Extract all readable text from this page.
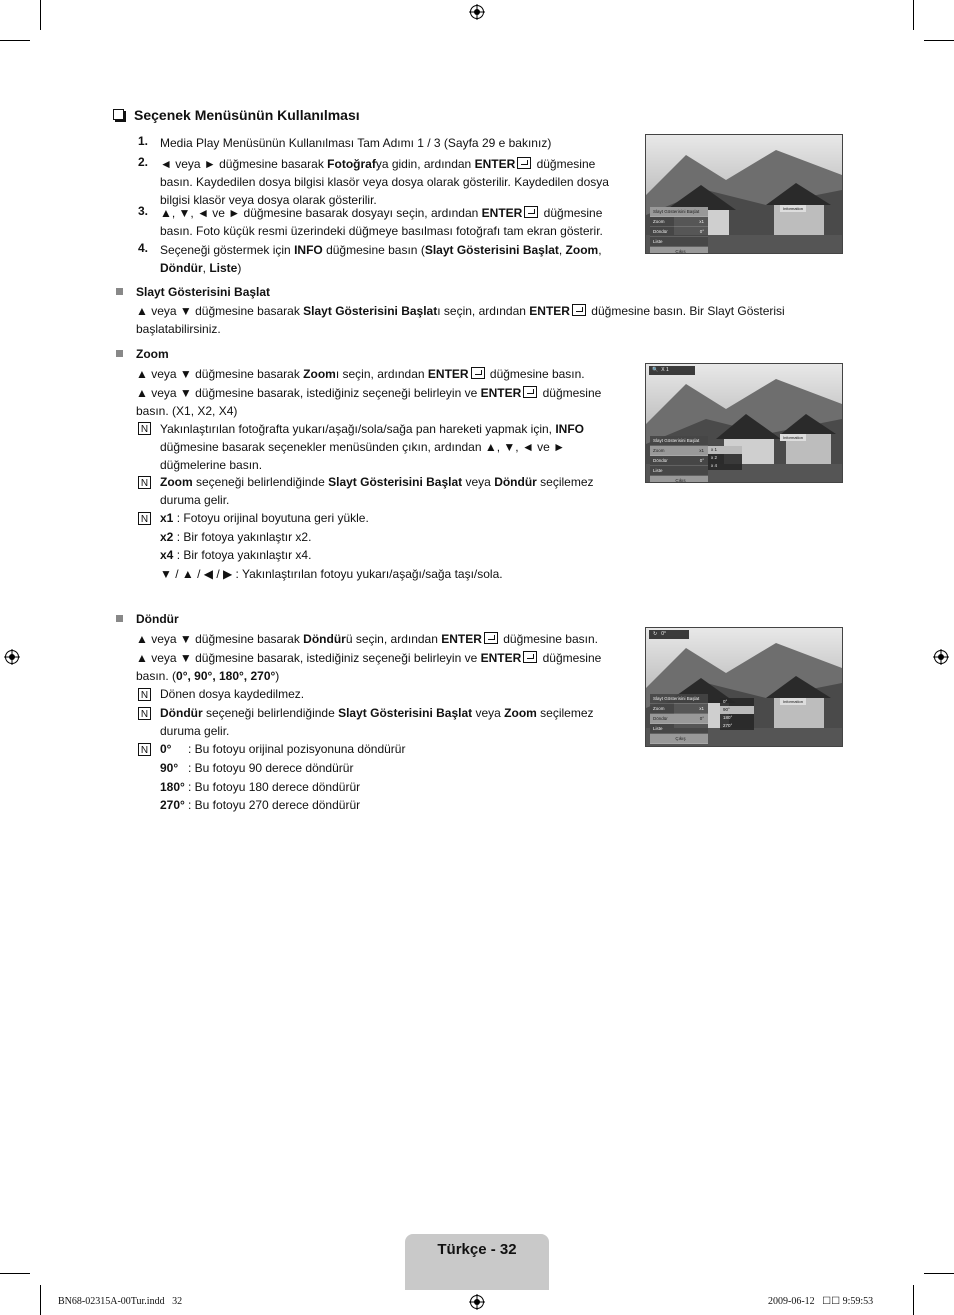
Seçenek Menüsünün Kullanılması
1. Media Play Menüsünün Kullanılması Tam Adımı 1 / 3 (Sayfa 29 e bakınız)
2. ◄ veya ► düğmesine basarak Fotoğrafya gidin, ardından ENTER düğmesine basın. Kaydedilen dosya bilgisi klasör veya dosya olarak gösterilir. Kaydedilen dosya bilgisi klasör veya dosya olarak gösterilir.
3. ▲, ▼, ◄ ve ► düğmesine basarak dosyayı seçin, ardından ENTER düğmesine basın. Foto küçük resmi üzerindeki düğmeye basılması fotoğrafı tam ekran gösterir.
4. Seçeneği göstermek için INFO düğmesine basın (Slayt Gösterisini Başlat, Zoom, Döndür, Liste)
Slayt Gösterisini Başlat
Zoom	x1
Döndür	0°
Liste
Çıkış
Information
Slayt Gösterisini Başlat
▲ veya ▼ düğmesine basarak Slayt Gösterisini Başlatı seçin, ardından ENTER düğmesine basın. Bir Slayt Gösterisi başlatabilirsiniz.
Zoom
▲ veya ▼ düğmesine basarak Zoomı seçin, ardından ENTER düğmesine basın.
▲ veya ▼ düğmesine basarak, istediğiniz seçeneği belirleyin ve ENTER düğmesine basın. (X1, X2, X4)
N Yakınlaştırılan fotoğrafta yukarı/aşağı/sola/sağa pan hareketi yapmak için, INFO düğmesine basarak seçenekler menüsünden çıkın, ardından ▲, ▼, ◄ ve ► düğmelerine basın.
N Zoom seçeneği belirlendiğinde Slayt Gösterisini Başlat veya Döndür seçilemez duruma gelir.
N x1 : Fotoyu orijinal boyutuna geri yükle.
x2 : Bir fotoya yakınlaştır x2.
x4 : Bir fotoya yakınlaştır x4.
▼ / ▲ / ◀ / ▶ : Yakınlaştırılan fotoyu yukarı/aşağı/sağa taşı/sola.
🔍 X 1
Slayt Gösterisini Başlat
Zoom	x1
Döndür	0°
Liste
Çıkış
x 1
x 2
x 4
Information
Döndür
▲ veya ▼ düğmesine basarak Döndürü seçin, ardından ENTER düğmesine basın.
▲ veya ▼ düğmesine basarak, istediğiniz seçeneği belirleyin ve ENTER düğmesine basın. (0°, 90°, 180°, 270°)
N Dönen dosya kaydedilmez.
N Döndür seçeneği belirlendiğinde Slayt Gösterisini Başlat veya Zoom seçilemez duruma gelir.
N 0° : Bu fotoyu orijinal pozisyonuna döndürür
90° : Bu fotoyu 90 derece döndürür
180° : Bu fotoyu 180 derece döndürür
270° : Bu fotoyu 270 derece döndürür
↻ 0°
Slayt Gösterisini Başlat
Zoom	x1
Döndür	0°
Liste
Çıkış
0°
90°
180°
270°
Information
Türkçe - 32
BN68-02315A-00Tur.indd   32	2009-06-12   ☐☐ 9:59:53
